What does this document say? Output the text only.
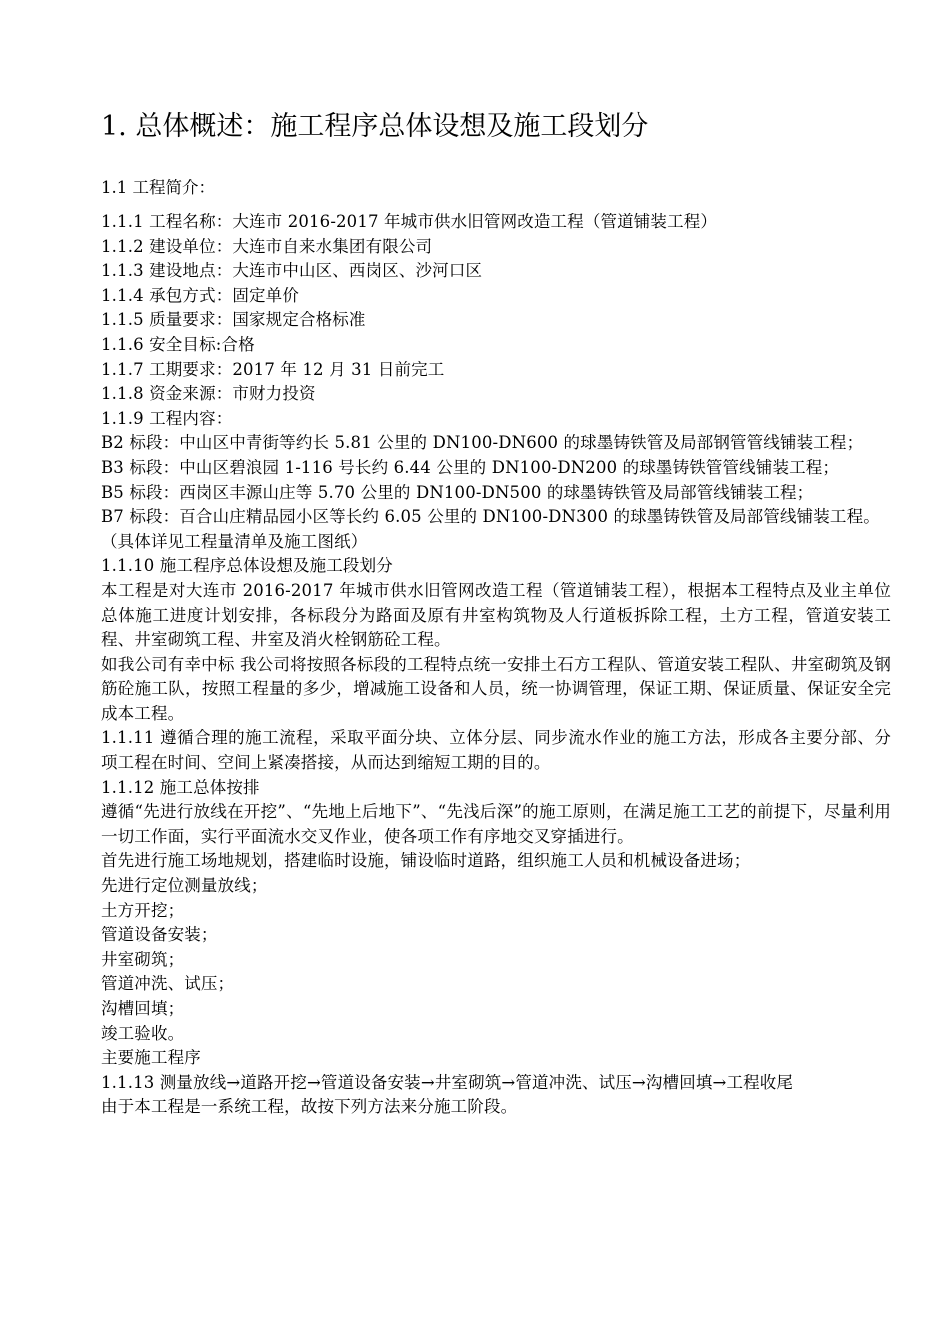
1. 总体概述：施工程序总体设想及施工段划分
1.1 工程简介：

1.1.1 工程名称：大连市 2016-2017 年城市供水旧管网改造工程（管道铺装工程）

1.1.2 建设单位：大连市自来水集团有限公司

1.1.3 建设地点：大连市中山区、西岗区、沙河口区

1.1.4 承包方式：固定单价

1.1.5 质量要求：国家规定合格标准

1.1.6 安全目标:合格

1.1.7 工期要求：2017 年 12 月 31 日前完工

1.1.8 资金来源：市财力投资

1.1.9 工程内容：

B2 标段：中山区中青街等约长 5.81 公里的 DN100-DN600 的球墨铸铁管及局部钢管管线铺装工程；

B3 标段：中山区碧浪园 1-116 号长约 6.44 公里的 DN100-DN200 的球墨铸铁管管线铺装工程；

B5 标段：西岗区丰源山庄等 5.70 公里的 DN100-DN500 的球墨铸铁管及局部管线铺装工程；

B7 标段：百合山庄精品园小区等长约 6.05 公里的 DN100-DN300 的球墨铸铁管及局部管线铺装工程。

（具体详见工程量清单及施工图纸）

1.1.10 施工程序总体设想及施工段划分

本工程是对大连市 2016-2017 年城市供水旧管网改造工程（管道铺装工程），根据本工程特点及业主单位总体施工进度计划安排，各标段分为路面及原有井室构筑物及人行道板拆除工程，土方工程，管道安装工程、井室砌筑工程、井室及消火栓钢筋砼工程。

如我公司有幸中标 我公司将按照各标段的工程特点统一安排土石方工程队、管道安装工程队、井室砌筑及钢筋砼施工队，按照工程量的多少，增减施工设备和人员，统一协调管理，保证工期、保证质量、保证安全完成本工程。

1.1.11 遵循合理的施工流程，采取平面分块、立体分层、同步流水作业的施工方法，形成各主要分部、分项工程在时间、空间上紧凑搭接，从而达到缩短工期的目的。

1.1.12 施工总体按排

遵循“先进行放线在开挖”、“先地上后地下”、“先浅后深”的施工原则，在满足施工工艺的前提下，尽量利用一切工作面，实行平面流水交叉作业，使各项工作有序地交叉穿插进行。

首先进行施工场地规划，搭建临时设施，铺设临时道路，组织施工人员和机械设备进场；

先进行定位测量放线；

土方开挖；

管道设备安装；

井室砌筑；

管道冲洗、试压；

沟槽回填；

竣工验收。

主要施工程序

1.1.13 测量放线→道路开挖→管道设备安装→井室砌筑→管道冲洗、试压→沟槽回填→工程收尾

由于本工程是一系统工程，故按下列方法来分施工阶段。
